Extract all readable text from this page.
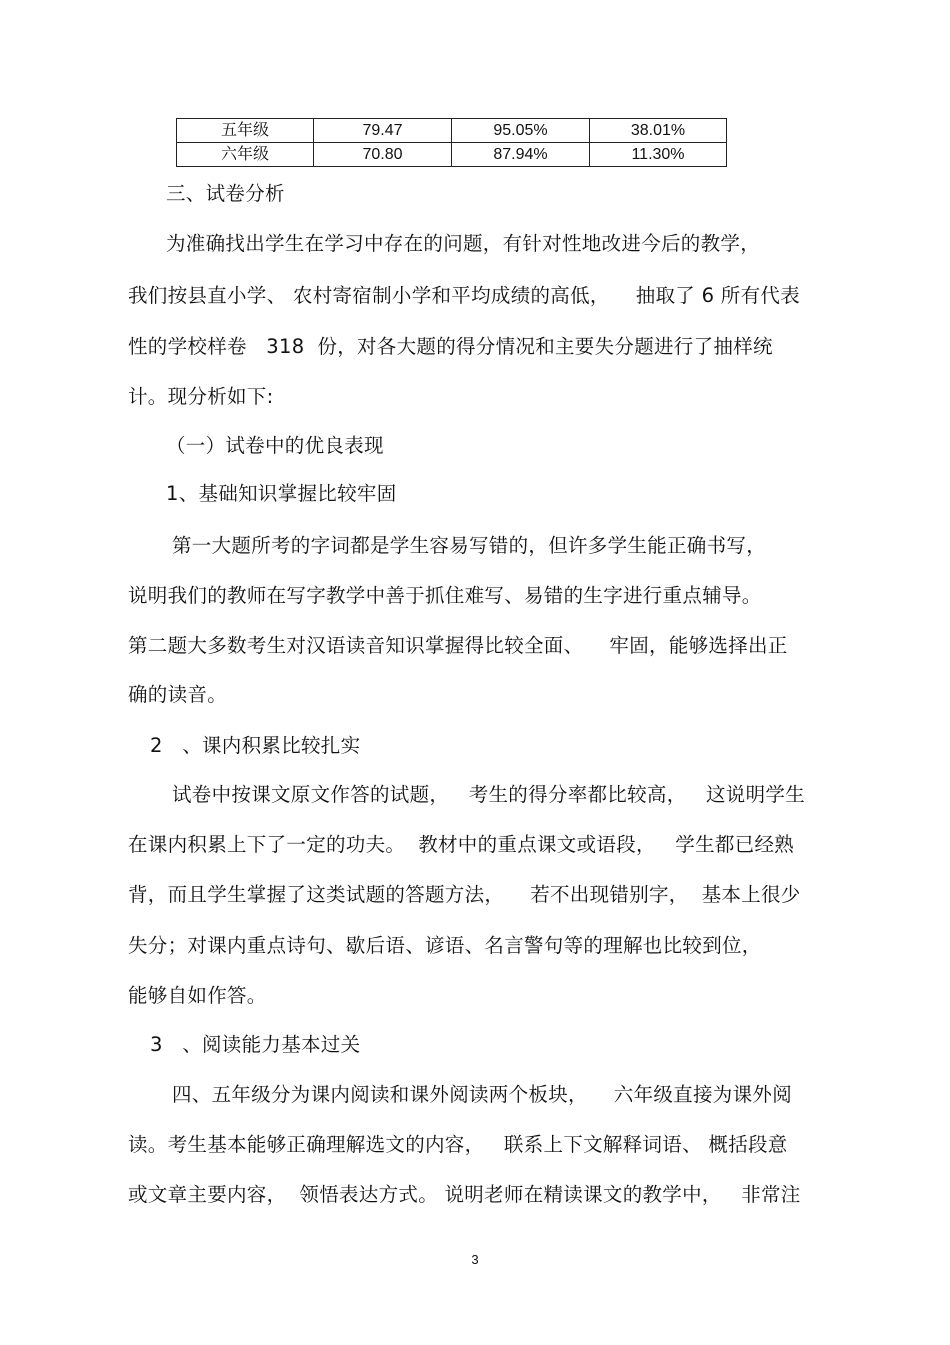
五年级	79.47	95.05%	38.01%
六年级	70.80	87.94%	11.30%
三、试卷分析
为准确找出学生在学习中存在的问题，有针对性地改进今后的教学，
我们按县直小学、 农村寄宿制小学和平均成绩的高低，    抽取了 6 所有代表
性的学校样卷   318  份，对各大题的得分情况和主要失分题进行了抽样统
计。现分析如下:
（一）试卷中的优良表现
1、基础知识掌握比较牢固
第一大题所考的字词都是学生容易写错的，但许多学生能正确书写，
说明我们的教师在写字教学中善于抓住难写、易错的生字进行重点辅导。
第二题大多数考生对汉语读音知识掌握得比较全面、    牢固，能够选择出正
确的读音。
2   、课内积累比较扎实
试卷中按课文原文作答的试题，   考生的得分率都比较高，   这说明学生
在课内积累上下了一定的功夫。  教材中的重点课文或语段，   学生都已经熟
背，而且学生掌握了这类试题的答题方法，    若不出现错别字，  基本上很少
失分；对课内重点诗句、歇后语、谚语、名言警句等的理解也比较到位，
能够自如作答。
3   、阅读能力基本过关
四、五年级分为课内阅读和课外阅读两个板块，    六年级直接为课外阅
读。考生基本能够正确理解选文的内容，   联系上下文解释词语、 概括段意
或文章主要内容，  领悟表达方式。 说明老师在精读课文的教学中，   非常注
3
